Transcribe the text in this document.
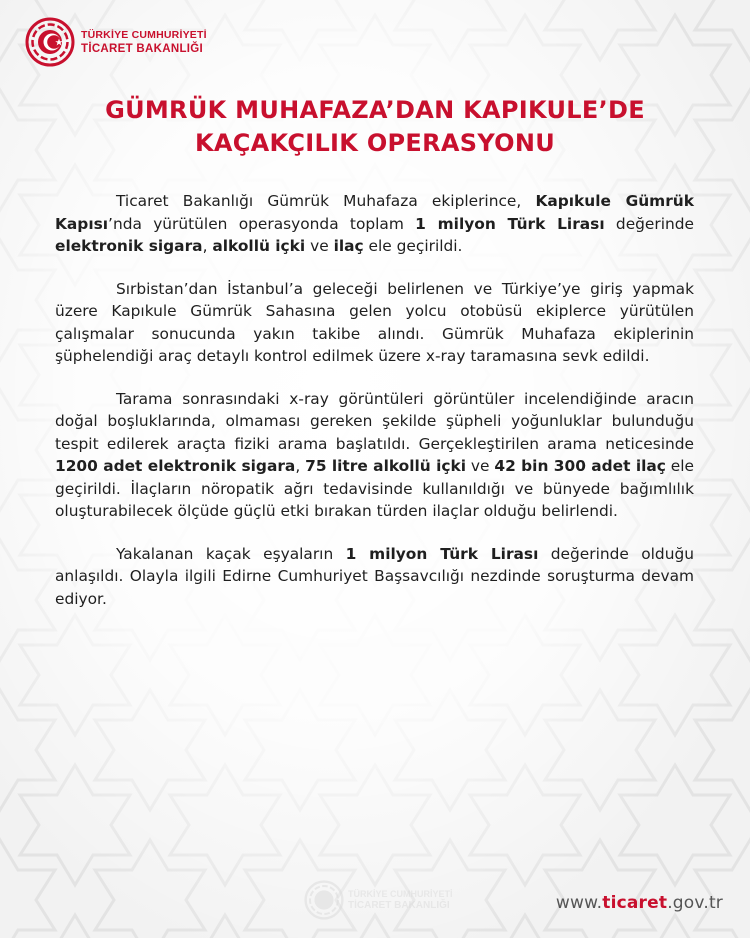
TÜRKİYE CUMHURİYETİ
TİCARET BAKANLIĞI
GÜMRÜK MUHAFAZA’DAN KAPIKULE’DE
KAÇAKÇILIK OPERASYONU

Ticaret Bakanlığı Gümrük Muhafaza ekiplerince, Kapıkule Gümrük Kapısı’nda yürütülen operasyonda toplam 1 milyon Türk Lirası değerinde elektronik sigara, alkollü içki ve ilaç ele geçirildi.

Sırbistan’dan İstanbul’a geleceği belirlenen ve Türkiye’ye giriş yapmak üzere Kapıkule Gümrük Sahasına gelen yolcu otobüsü ekiplerce yürütülen çalışmalar sonucunda yakın takibe alındı. Gümrük Muhafaza ekiplerinin şüphelendiği araç detaylı kontrol edilmek üzere x-ray taramasına sevk edildi.

Tarama sonrasındaki x-ray görüntüleri görüntüler incelendiğinde aracın doğal boşluklarında, olmaması gereken şekilde şüpheli yoğunluklar bulunduğu tespit edilerek araçta fiziki arama başlatıldı. Gerçekleştirilen arama neticesinde 1200 adet elektronik sigara, 75 litre alkollü içki ve 42 bin 300 adet ilaç ele geçirildi. İlaçların nöropatik ağrı tedavisinde kullanıldığı ve bünyede bağımlılık oluşturabilecek ölçüde güçlü etki bırakan türden ilaçlar olduğu belirlendi.

Yakalanan kaçak eşyaların 1 milyon Türk Lirası değerinde olduğu anlaşıldı. Olayla ilgili Edirne Cumhuriyet Başsavcılığı nezdinde soruşturma devam ediyor.

TÜRKİYE CUMHURİYETİ
TİCARET BAKANLIĞI	www.ticaret.gov.tr
